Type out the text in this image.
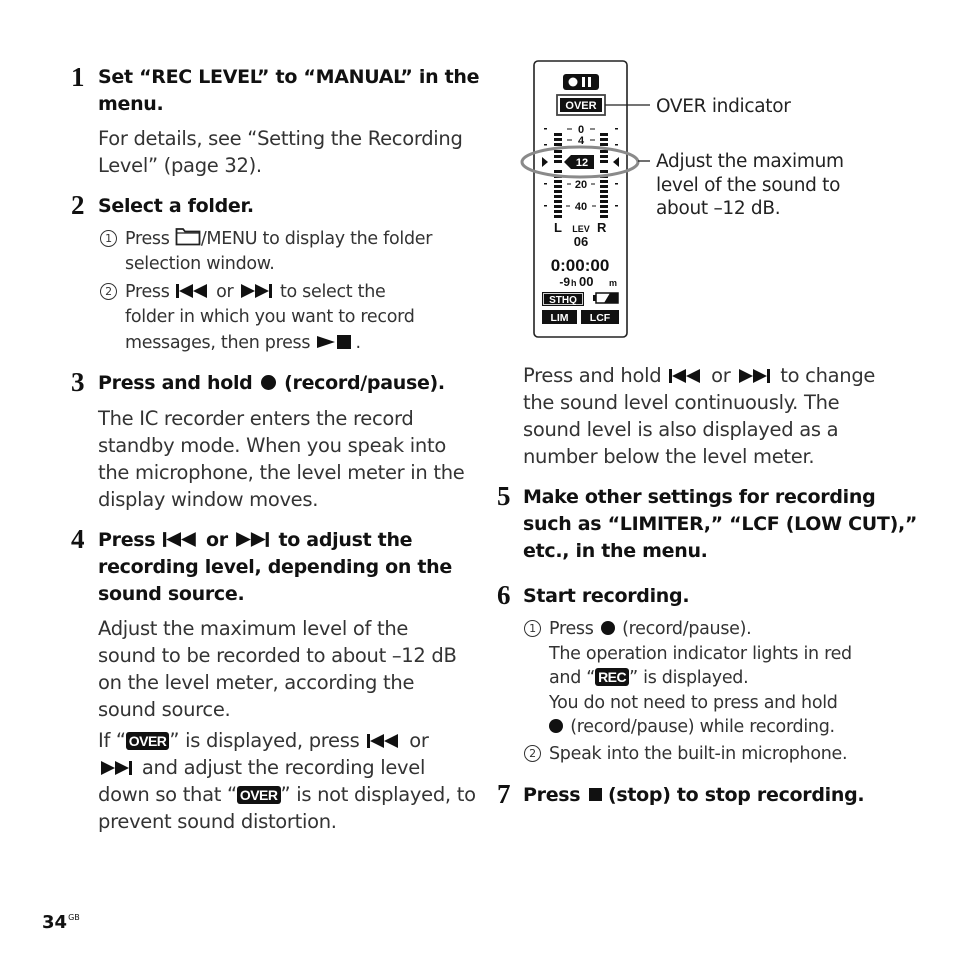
1 Set “REC LEVEL” to “MANUAL” in the
menu.
For details, see “Setting the Recording
Level” (page 32).
2 Select a folder.
1 Press /MENU to display the folder
selection window.
2 Press	or	to select the
folder in which you want to record
messages, then press	.
3 Press and hold (record/pause).
The IC recorder enters the record
standby mode. When you speak into
the microphone, the level meter in the
display window moves.
4 Press	or	to adjust the
recording level, depending on the
sound source.
Adjust the maximum level of the
sound to be recorded to about –12 dB
on the level meter, according the
sound source.
If “ OVER ” is displayed, press	or
and adjust the recording level
down so that “ OVER ” is not displayed, to
prevent sound distortion.
OVER
0
4
12
20
40
L LEV R
06
0:00:00
-9 h 00 m
STHQ
LIM LCF
OVER indicator
Adjust the maximum
level of the sound to
about –12 dB.
Press and hold	or	to change
the sound level continuously. The
sound level is also displayed as a
number below the level meter.
5 Make other settings for recording
such as “LIMITER,” “LCF (LOW CUT),”
etc., in the menu.
6 Start recording.
1 Press (record/pause).
The operation indicator lights in red
and “ REC ” is displayed.
You do not need to press and hold
(record/pause) while recording.
2 Speak into the built-in microphone.
7 Press (stop) to stop recording.
$34^{GB}$
